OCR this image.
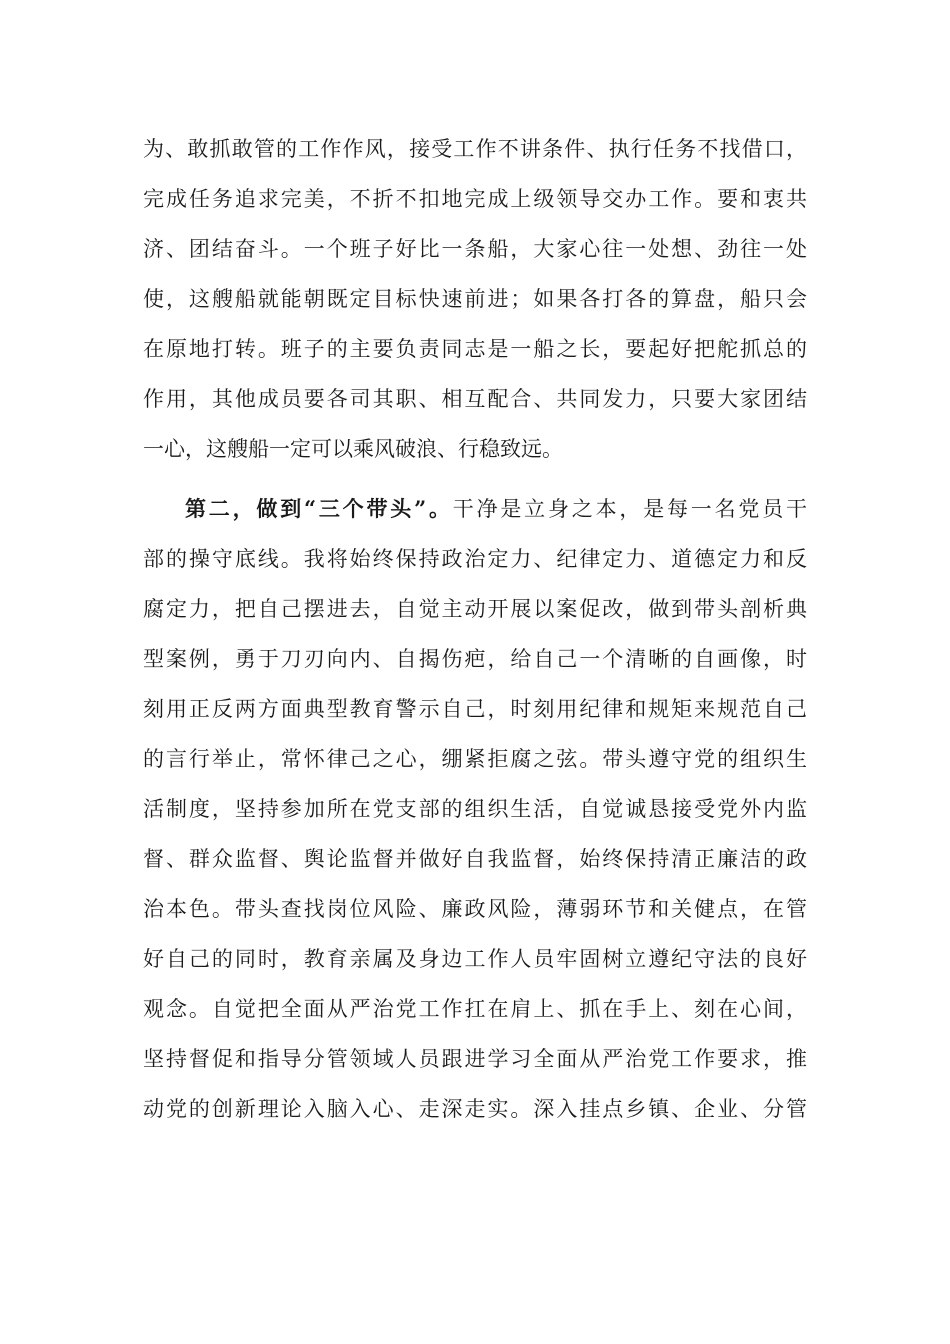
为、敢抓敢管的工作作风，接受工作不讲条件、执行任务不找借口，
完成任务追求完美，不折不扣地完成上级领导交办工作。要和衷共
济、团结奋斗。一个班子好比一条船，大家心往一处想、劲往一处
使，这艘船就能朝既定目标快速前进；如果各打各的算盘，船只会
在原地打转。班子的主要负责同志是一船之长，要起好把舵抓总的
作用，其他成员要各司其职、相互配合、共同发力，只要大家团结
一心，这艘船一定可以乘风破浪、行稳致远。
第二，做到“三个带头”。干净是立身之本，是每一名党员干
部的操守底线。我将始终保持政治定力、纪律定力、道德定力和反
腐定力，把自己摆进去，自觉主动开展以案促改，做到带头剖析典
型案例，勇于刀刃向内、自揭伤疤，给自己一个清晰的自画像，时
刻用正反两方面典型教育警示自己，时刻用纪律和规矩来规范自己
的言行举止，常怀律己之心，绷紧拒腐之弦。带头遵守党的组织生
活制度，坚持参加所在党支部的组织生活，自觉诚恳接受党外内监
督、群众监督、舆论监督并做好自我监督，始终保持清正廉洁的政
治本色。带头查找岗位风险、廉政风险，薄弱环节和关健点，在管
好自己的同时，教育亲属及身边工作人员牢固树立遵纪守法的良好
观念。自觉把全面从严治党工作扛在肩上、抓在手上、刻在心间，
坚持督促和指导分管领域人员跟进学习全面从严治党工作要求，推
动党的创新理论入脑入心、走深走实。深入挂点乡镇、企业、分管
